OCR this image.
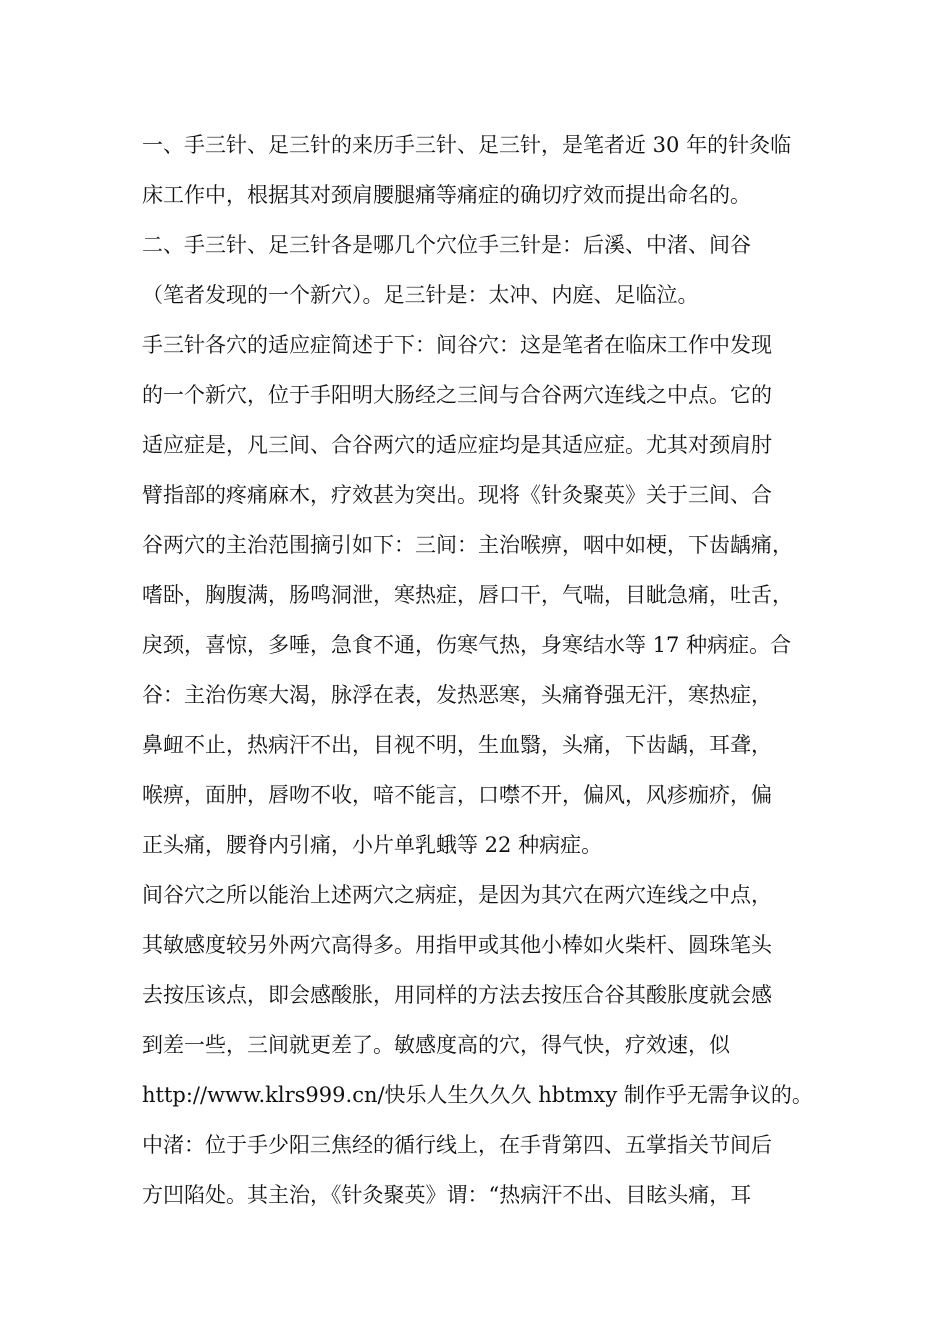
一、手三针、足三针的来历手三针、足三针，是笔者近 30 年的针灸临
床工作中，根据其对颈肩腰腿痛等痛症的确切疗效而提出命名的。
二、手三针、足三针各是哪几个穴位手三针是：后溪、中渚、间谷
（笔者发现的一个新穴）。足三针是：太冲、内庭、足临泣。
手三针各穴的适应症简述于下：间谷穴：这是笔者在临床工作中发现
的一个新穴，位于手阳明大肠经之三间与合谷两穴连线之中点。它的
适应症是，凡三间、合谷两穴的适应症均是其适应症。尤其对颈肩肘
臂指部的疼痛麻木，疗效甚为突出。现将《针灸聚英》关于三间、合
谷两穴的主治范围摘引如下：三间：主治喉痹，咽中如梗，下齿龋痛，
嗜卧，胸腹满，肠鸣洞泄，寒热症，唇口干，气喘，目眦急痛，吐舌，
戾颈，喜惊，多唾，急食不通，伤寒气热，身寒结水等 17 种病症。合
谷：主治伤寒大渴，脉浮在表，发热恶寒，头痛脊强无汗，寒热症，
鼻衄不止，热病汗不出，目视不明，生血翳，头痛，下齿龋，耳聋，
喉痹，面肿，唇吻不收，喑不能言，口噤不开，偏风，风疹痂疥，偏
正头痛，腰脊内引痛，小片单乳蛾等 22 种病症。
间谷穴之所以能治上述两穴之病症，是因为其穴在两穴连线之中点，
其敏感度较另外两穴高得多。用指甲或其他小棒如火柴杆、圆珠笔头
去按压该点，即会感酸胀，用同样的方法去按压合谷其酸胀度就会感
到差一些，三间就更差了。敏感度高的穴，得气快，疗效速，似
http://www.klrs999.cn/快乐人生久久久 hbtmxy 制作乎无需争议的。
中渚：位于手少阳三焦经的循行线上，在手背第四、五掌指关节间后
方凹陷处。其主治，《针灸聚英》谓：“热病汗不出、目眩头痛，耳
